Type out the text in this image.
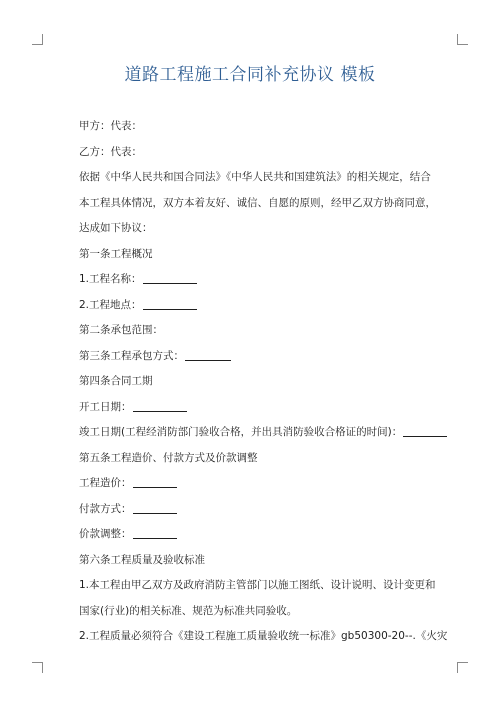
道路工程施工合同补充协议 模板
甲方：代表：
乙方：代表：
依据《中华人民共和国合同法》《中华人民共和国建筑法》的相关规定，结合本工程具体情况，双方本着友好、诚信、自愿的原则，经甲乙双方协商同意，达成如下协议：
第一条工程概况
1.工程名称：
2.工程地点：
第二条承包范围：
第三条工程承包方式：
第四条合同工期
开工日期：
竣工日期(工程经消防部门验收合格，并出具消防验收合格证的时间)：
第五条工程造价、付款方式及价款调整
工程造价：
付款方式：
价款调整：
第六条工程质量及验收标准
1.本工程由甲乙双方及政府消防主管部门以施工图纸、设计说明、设计变更和国家(行业)的相关标准、规范为标准共同验收。
2.工程质量必须符合《建设工程施工质量验收统一标准》gb50300-20--.《火灾
